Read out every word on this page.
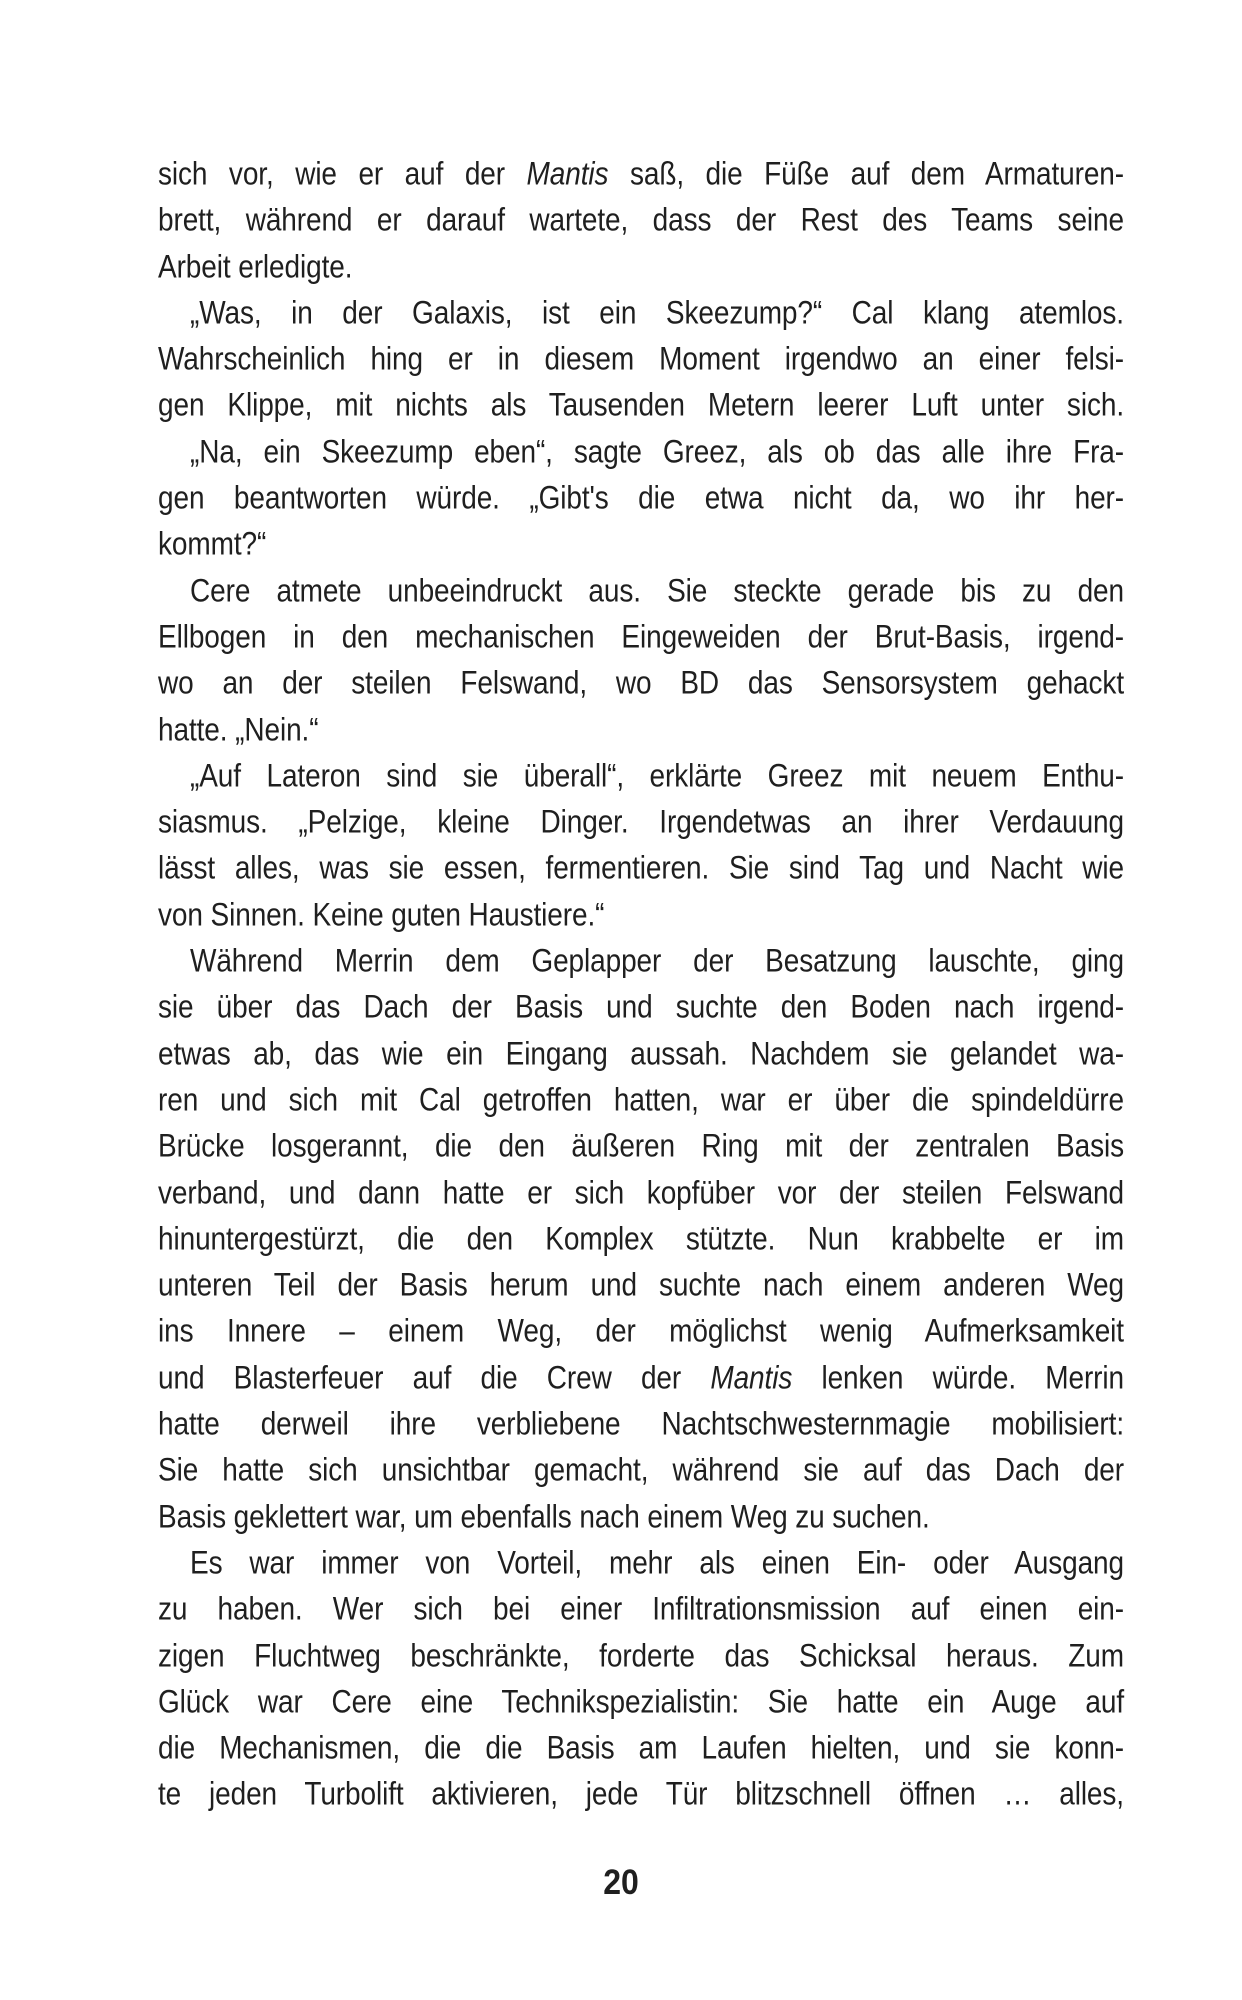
sich vor, wie er auf der Mantis saß, die Füße auf dem Armaturen-
brett, während er darauf wartete, dass der Rest des Teams seine
Arbeit erledigte.
„Was, in der Galaxis, ist ein Skeezump?“ Cal klang atemlos.
Wahrscheinlich hing er in diesem Moment irgendwo an einer felsi-
gen Klippe, mit nichts als Tausenden Metern leerer Luft unter sich.
„Na, ein Skeezump eben“, sagte Greez, als ob das alle ihre Fra-
gen beantworten würde. „Gibt's die etwa nicht da, wo ihr her-
kommt?“
Cere atmete unbeeindruckt aus. Sie steckte gerade bis zu den
Ellbogen in den mechanischen Eingeweiden der Brut-Basis, irgend-
wo an der steilen Felswand, wo BD das Sensorsystem gehackt
hatte. „Nein.“
„Auf Lateron sind sie überall“, erklärte Greez mit neuem Enthu-
siasmus. „Pelzige, kleine Dinger. Irgendetwas an ihrer Verdauung
lässt alles, was sie essen, fermentieren. Sie sind Tag und Nacht wie
von Sinnen. Keine guten Haustiere.“
Während Merrin dem Geplapper der Besatzung lauschte, ging
sie über das Dach der Basis und suchte den Boden nach irgend-
etwas ab, das wie ein Eingang aussah. Nachdem sie gelandet wa-
ren und sich mit Cal getroffen hatten, war er über die spindeldürre
Brücke losgerannt, die den äußeren Ring mit der zentralen Basis
verband, und dann hatte er sich kopfüber vor der steilen Felswand
hinuntergestürzt, die den Komplex stützte. Nun krabbelte er im
unteren Teil der Basis herum und suchte nach einem anderen Weg
ins Innere – einem Weg, der möglichst wenig Aufmerksamkeit
und Blasterfeuer auf die Crew der Mantis lenken würde. Merrin
hatte derweil ihre verbliebene Nachtschwesternmagie mobilisiert:
Sie hatte sich unsichtbar gemacht, während sie auf das Dach der
Basis geklettert war, um ebenfalls nach einem Weg zu suchen.
Es war immer von Vorteil, mehr als einen Ein- oder Ausgang
zu haben. Wer sich bei einer Infiltrationsmission auf einen ein-
zigen Fluchtweg beschränkte, forderte das Schicksal heraus. Zum
Glück war Cere eine Technikspezialistin: Sie hatte ein Auge auf
die Mechanismen, die die Basis am Laufen hielten, und sie konn-
te jeden Turbolift aktivieren, jede Tür blitzschnell öffnen … alles,
20
